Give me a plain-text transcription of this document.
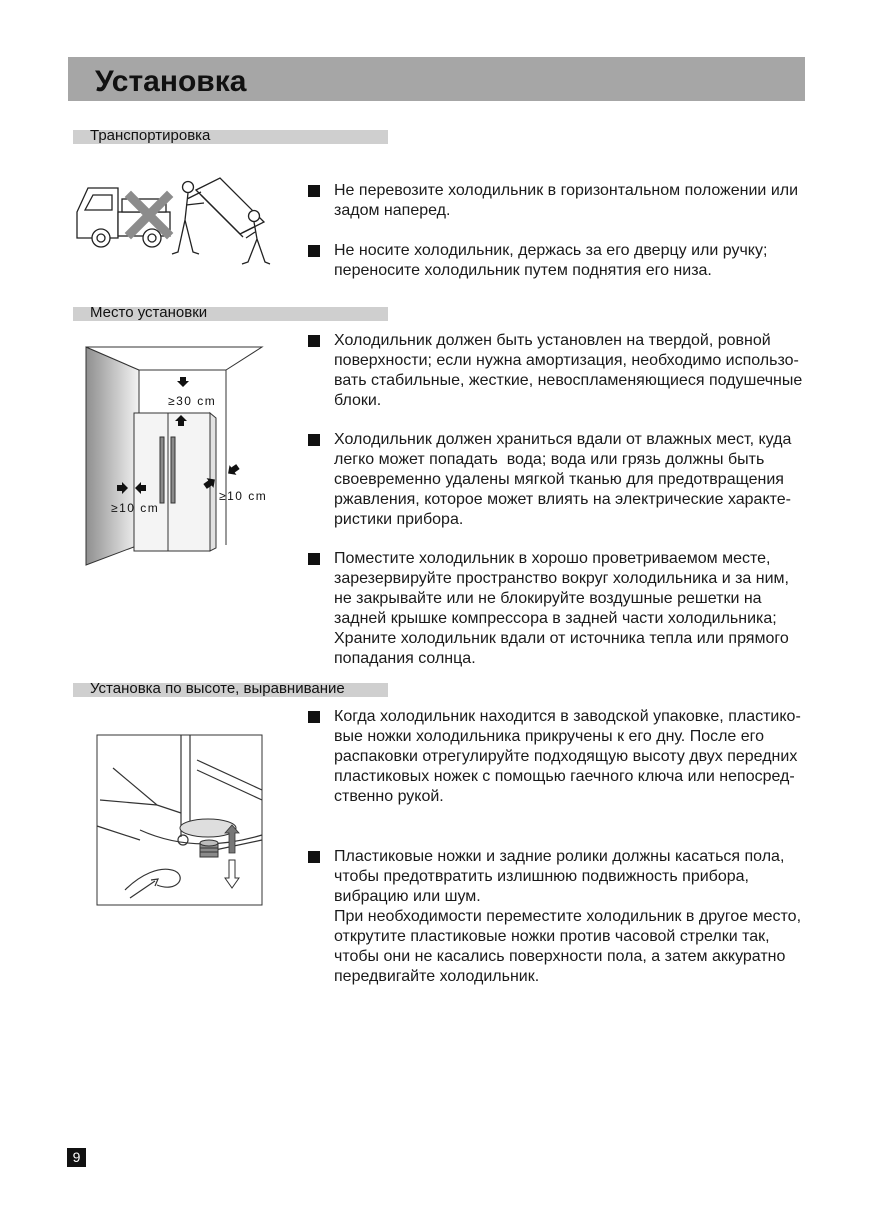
Установка
Транспортировка
Не перевозите холодильник в горизонтальном положении или
задом наперед.
Не носите холодильник, держась за его дверцу или ручку;
переносите холодильник путем поднятия его низа.
Место установки
≥30 cm
≥10 cm
≥10 cm
Холодильник должен быть установлен на твердой, ровной
поверхности; если нужна амортизация, необходимо использо-
вать стабильные, жесткие, невоспламеняющиеся подушечные
блоки.
Холодильник должен храниться вдали от влажных мест, куда
легко может попадать  вода; вода или грязь должны быть
своевременно удалены мягкой тканью для предотвращения
ржавления, которое может влиять на электрические характе-
ристики прибора.
Поместите холодильник в хорошо проветриваемом месте,
зарезервируйте пространство вокруг холодильника и за ним,
не закрывайте или не блокируйте воздушные решетки на
задней крышке компрессора в задней части холодильника;
Храните холодильник вдали от источника тепла или прямого
попадания солнца.
Установка по высоте, выравнивание
Когда холодильник находится в заводской упаковке, пластико-
вые ножки холодильника прикручены к его дну. После его
распаковки отрегулируйте подходящую высоту двух передних
пластиковых ножек с помощью гаечного ключа или непосред-
ственно рукой.
Пластиковые ножки и задние ролики должны касаться пола,
чтобы предотвратить излишнюю подвижность прибора,
вибрацию или шум.
При необходимости переместите холодильник в другое место,
открутите пластиковые ножки против часовой стрелки так,
чтобы они не касались поверхности пола, а затем аккуратно
передвигайте холодильник.
9
